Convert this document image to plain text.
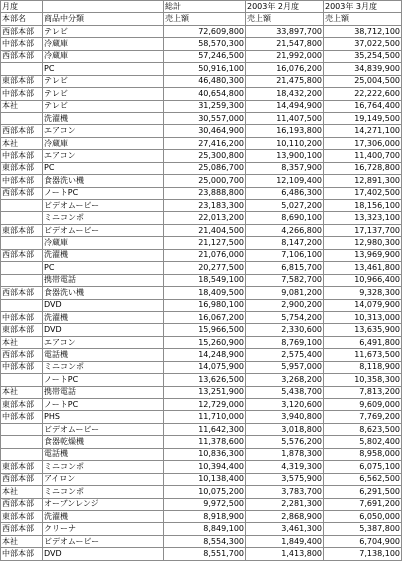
月度		総計	2003年 2月度	2003年 3月度
本部名	商品中分類	売上額	売上額	売上額
西部本部	テレビ	72,609,800	33,897,700	38,712,100
中部本部	冷蔵庫	58,570,300	21,547,800	37,022,500
西部本部	冷蔵庫	57,246,500	21,992,000	35,254,500
	PC	50,916,100	16,076,200	34,839,900
東部本部	テレビ	46,480,300	21,475,800	25,004,500
中部本部	テレビ	40,654,800	18,432,200	22,222,600
本社	テレビ	31,259,300	14,494,900	16,764,400
	洗濯機	30,557,000	11,407,500	19,149,500
西部本部	エアコン	30,464,900	16,193,800	14,271,100
本社	冷蔵庫	27,416,200	10,110,200	17,306,000
中部本部	エアコン	25,300,800	13,900,100	11,400,700
東部本部	PC	25,086,700	8,357,900	16,728,800
中部本部	食器洗い機	25,000,700	12,109,400	12,891,300
西部本部	ノートPC	23,888,800	6,486,300	17,402,500
	ビデオムービー	23,183,300	5,027,200	18,156,100
	ミニコンポ	22,013,200	8,690,100	13,323,100
東部本部	ビデオムービー	21,404,500	4,266,800	17,137,700
	冷蔵庫	21,127,500	8,147,200	12,980,300
西部本部	洗濯機	21,076,000	7,106,100	13,969,900
	PC	20,277,500	6,815,700	13,461,800
	携帯電話	18,549,100	7,582,700	10,966,400
西部本部	食器洗い機	18,409,500	9,081,200	9,328,300
	DVD	16,980,100	2,900,200	14,079,900
中部本部	洗濯機	16,067,200	5,754,200	10,313,000
東部本部	DVD	15,966,500	2,330,600	13,635,900
本社	エアコン	15,260,900	8,769,100	6,491,800
西部本部	電話機	14,248,900	2,575,400	11,673,500
中部本部	ミニコンポ	14,075,900	5,957,000	8,118,900
	ノートPC	13,626,500	3,268,200	10,358,300
本社	携帯電話	13,251,900	5,438,700	7,813,200
東部本部	ノートPC	12,729,000	3,120,600	9,609,000
中部本部	PHS	11,710,000	3,940,800	7,769,200
	ビデオムービー	11,642,300	3,018,800	8,623,500
	食器乾燥機	11,378,600	5,576,200	5,802,400
	電話機	10,836,300	1,878,300	8,958,000
東部本部	ミニコンポ	10,394,400	4,319,300	6,075,100
西部本部	アイロン	10,138,400	3,575,900	6,562,500
本社	ミニコンポ	10,075,200	3,783,700	6,291,500
西部本部	オーブンレンジ	9,972,500	2,281,300	7,691,200
東部本部	洗濯機	8,918,900	2,868,900	6,050,000
西部本部	クリーナ	8,849,100	3,461,300	5,387,800
本社	ビデオムービー	8,554,300	1,849,400	6,704,900
中部本部	DVD	8,551,700	1,413,800	7,138,100
